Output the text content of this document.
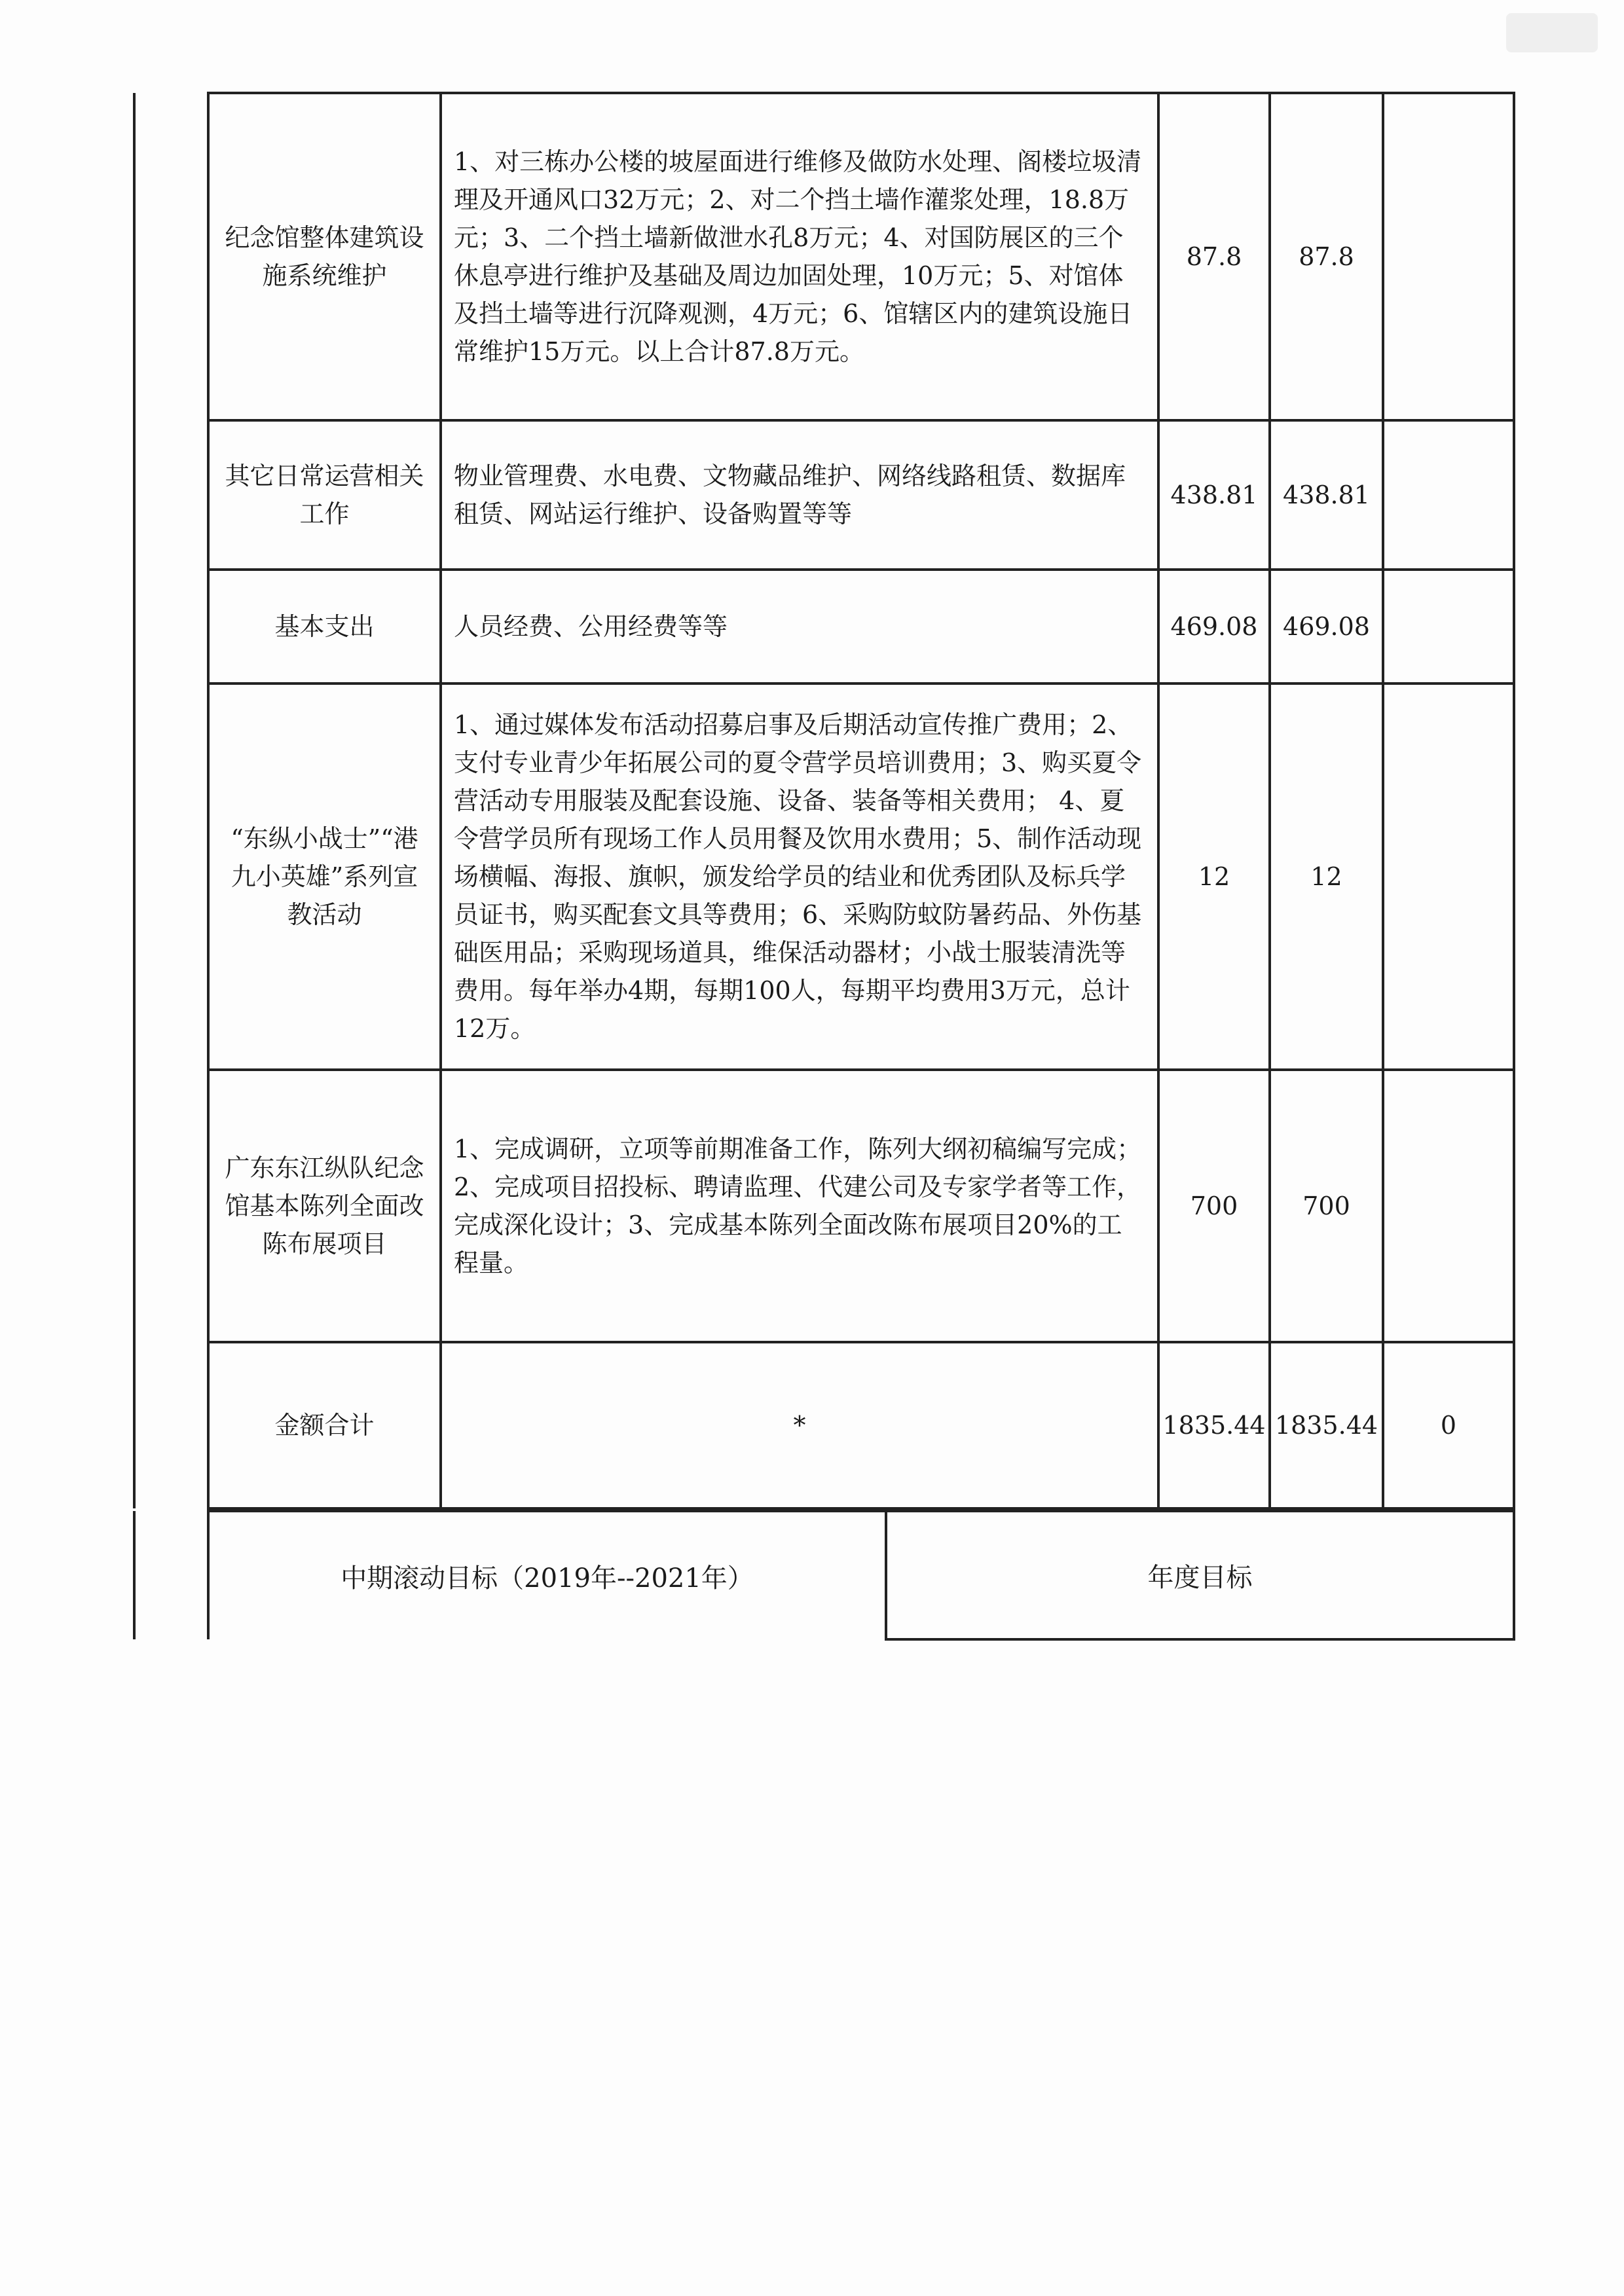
	纪念馆整体建筑设施系统维护	1、对三栋办公楼的坡屋面进行维修及做防水处理、阁楼垃圾清理及开通风口32万元；2、对二个挡土墙作灌浆处理，18.8万元；3、二个挡土墙新做泄水孔8万元；4、对国防展区的三个休息亭进行维护及基础及周边加固处理，10万元；5、对馆体及挡土墙等进行沉降观测，4万元；6、馆辖区内的建筑设施日常维护15万元。以上合计87.8万元。	87.8	87.8	
	其它日常运营相关工作	物业管理费、水电费、文物藏品维护、网络线路租赁、数据库租赁、网站运行维护、设备购置等等	438.81	438.81	
	基本支出	人员经费、公用经费等等	469.08	469.08	
	“东纵小战士”“港九小英雄”系列宣教活动	1、通过媒体发布活动招募启事及后期活动宣传推广费用；2、支付专业青少年拓展公司的夏令营学员培训费用；3、购买夏令营活动专用服装及配套设施、设备、装备等相关费用； 4、夏令营学员所有现场工作人员用餐及饮用水费用；5、制作活动现场横幅、海报、旗帜，颁发给学员的结业和优秀团队及标兵学员证书，购买配套文具等费用；6、采购防蚊防暑药品、外伤基础医用品；采购现场道具，维保活动器材；小战士服装清洗等费用。每年举办4期，每期100人，每期平均费用3万元，总计12万。	12	12	
	广东东江纵队纪念馆基本陈列全面改陈布展项目	1、完成调研，立项等前期准备工作，陈列大纲初稿编写完成；2、完成项目招投标、聘请监理、代建公司及专家学者等工作，完成深化设计；3、完成基本陈列全面改陈布展项目20%的工程量。	700	700	
	金额合计	*	1835.44	1835.44	0
	中期滚动目标（2019年--2021年）	年度目标
